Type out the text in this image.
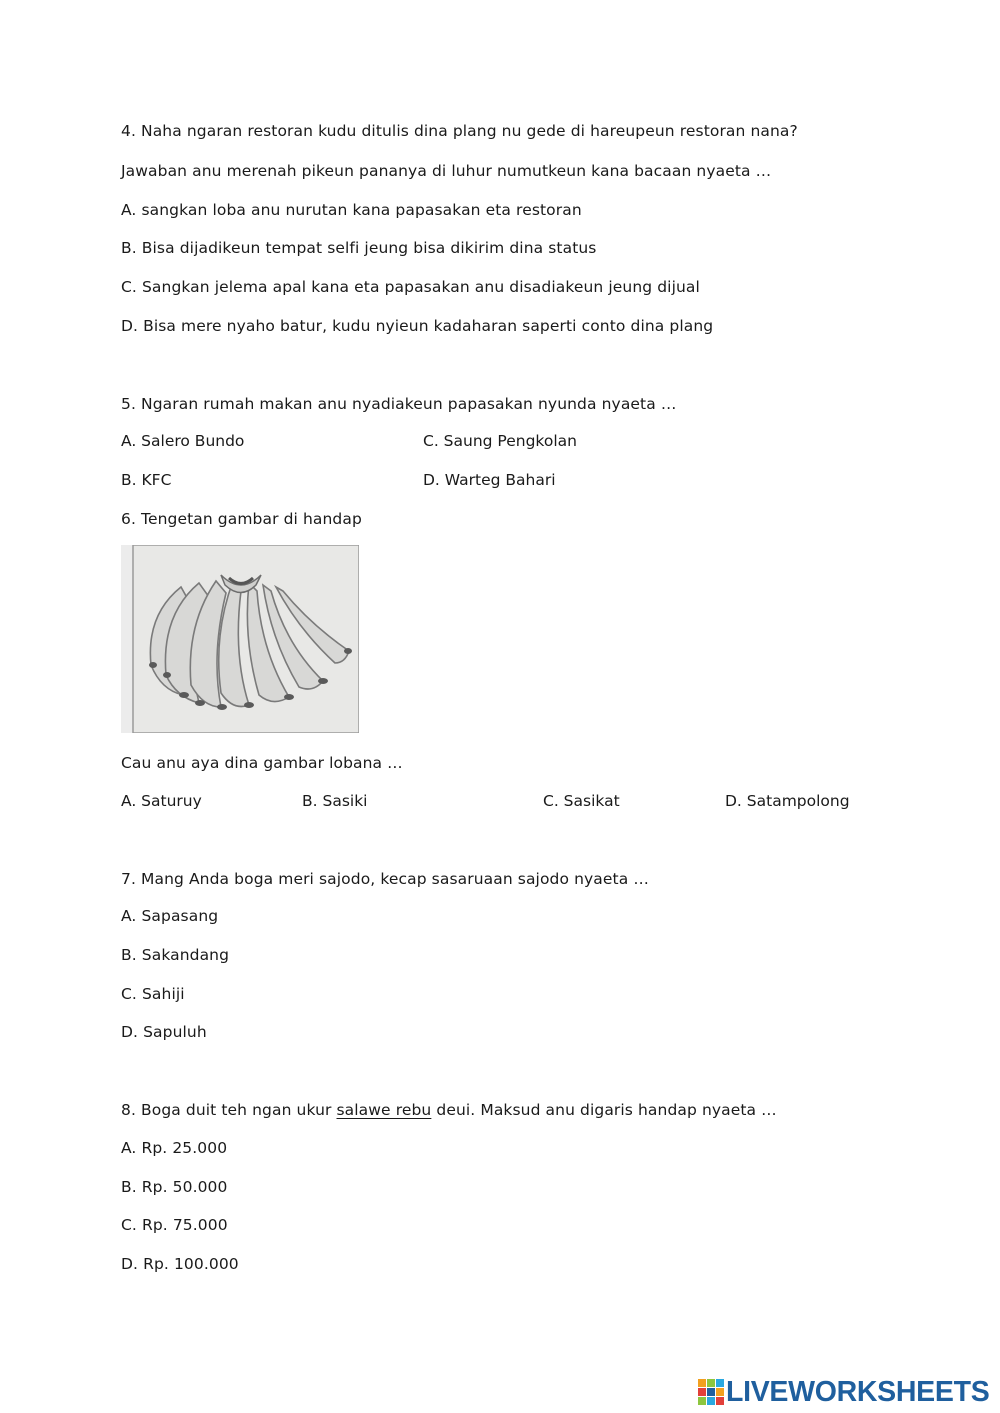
4. Naha ngaran restoran kudu ditulis dina plang nu gede di hareupeun restoran nana?
Jawaban anu merenah pikeun pananya di luhur numutkeun kana bacaan nyaeta …
A. sangkan loba anu nurutan kana papasakan eta restoran
B. Bisa dijadikeun tempat selfi jeung bisa dikirim dina status
C. Sangkan jelema apal kana eta papasakan anu disadiakeun jeung dijual
D. Bisa mere nyaho batur, kudu nyieun kadaharan saperti conto dina plang
5. Ngaran rumah makan anu nyadiakeun papasakan nyunda nyaeta …
A. Salero Bundo	C. Saung Pengkolan
B. KFC	D. Warteg Bahari
6. Tengetan gambar di handap
Cau anu aya dina gambar lobana …
A. Saturuy	B. Sasiki	C. Sasikat	D. Satampolong
7. Mang Anda boga meri sajodo, kecap sasaruaan sajodo nyaeta …
A. Sapasang
B. Sakandang
C. Sahiji
D. Sapuluh
8. Boga duit teh ngan ukur salawe rebu deui. Maksud anu digaris handap nyaeta …
A. Rp. 25.000
B. Rp. 50.000
C. Rp. 75.000
D. Rp. 100.000
LIVEWORKSHEETS
